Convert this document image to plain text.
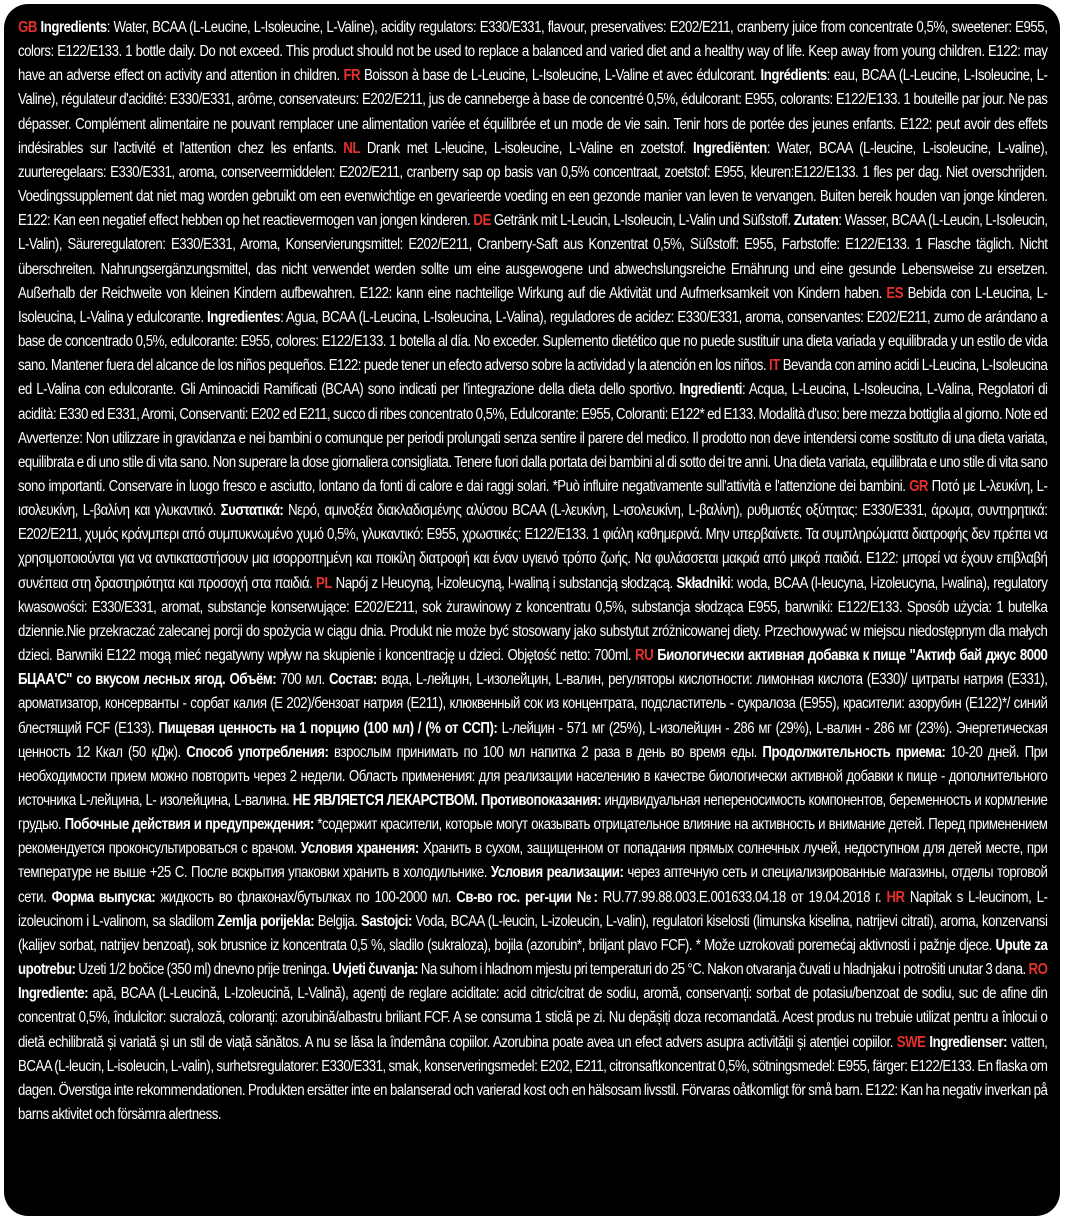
GB Ingredients: Water, BCAA (L-Leucine, L-Isoleucine, L-Valine), acidity regulators: E330/E331, flavour, preservatives: E202/E211, cranberry juice from concentrate 0,5%, sweetener: E955, colors: E122/E133. 1 bottle daily. Do not exceed. This product should not be used to replace a balanced and varied diet and a healthy way of life. Keep away from young children. E122: may have an adverse effect on activity and attention in children. FR Boisson à base de L-Leucine, L-Isoleucine, L-Valine et avec édulcorant. Ingrédients: eau, BCAA (L-Leucine, L-Isoleucine, L-Valine), régulateur d'acidité: E330/E331, arôme, conservateurs: E202/E211, jus de canneberge à base de concentré 0,5%, édulcorant: E955, colorants: E122/E133. 1 bouteille par jour. Ne pas dépasser. Complément alimentaire ne pouvant remplacer une alimentation variée et équilibrée et un mode de vie sain. Tenir hors de portée des jeunes enfants. E122: peut avoir des effets indésirables sur l'activité et l'attention chez les enfants. NL Drank met L-leucine, L-isoleucine, L-Valine en zoetstof. Ingrediënten: Water, BCAA (L-leucine, L-isoleucine, L-valine), zuurteregelaars: E330/E331, aroma, conserveermiddelen: E202/E211, cranberry sap op basis van 0,5% concentraat, zoetstof: E955, kleuren:E122/E133. 1 fles per dag. Niet overschrijden. Voedingssupplement dat niet mag worden gebruikt om een evenwichtige en gevarieerde voeding en een gezonde manier van leven te vervangen. Buiten bereik houden van jonge kinderen. E122: Kan een negatief effect hebben op het reactievermogen van jongen kinderen. DE Getränk mit L-Leucin, L-Isoleucin, L-Valin und Süßstoff. Zutaten: Wasser, BCAA (L-Leucin, L-Isoleucin, L-Valin), Säureregulatoren: E330/E331, Aroma, Konservierungsmittel: E202/E211, Cranberry-Saft aus Konzentrat 0,5%, Süßstoff: E955, Farbstoffe: E122/E133. 1 Flasche täglich. Nicht überschreiten. Nahrungsergänzungsmittel, das nicht verwendet werden sollte um eine ausgewogene und abwechslungsreiche Ernährung und eine gesunde Lebensweise zu ersetzen. Außerhalb der Reichweite von kleinen Kindern aufbewahren. E122: kann eine nachteilige Wirkung auf die Aktivität und Aufmerksamkeit von Kindern haben. ES Bebida con L-Leucina, L-Isoleucina, L-Valina y edulcorante. Ingredientes: Agua, BCAA (L-Leucina, L-Isoleucina, L-Valina), reguladores de acidez: E330/E331, aroma, conservantes: E202/E211, zumo de arándano a base de concentrado 0,5%, edulcorante: E955, colores: E122/E133. 1 botella al día. No exceder. Suplemento dietético que no puede sustituir una dieta variada y equilibrada y un estilo de vida sano. Mantener fuera del alcance de los niños pequeños. E122: puede tener un efecto adverso sobre la actividad y la atención en los niños. IT Bevanda con amino acidi L-Leucina, L-Isoleucina ed L-Valina con edulcorante. Gli Aminoacidi Ramificati (BCAA) sono indicati per l'integrazione della dieta dello sportivo. Ingredienti: Acqua, L-Leucina, L-Isoleucina, L-Valina, Regolatori di acidità: E330 ed E331, Aromi, Conservanti: E202 ed E211, succo di ribes concentrato 0,5%, Edulcorante: E955, Coloranti: E122* ed E133. Modalità d'uso: bere mezza bottiglia al giorno. Note ed Avvertenze: Non utilizzare in gravidanza e nei bambini o comunque per periodi prolungati senza sentire il parere del medico. Il prodotto non deve intendersi come sostituto di una dieta variata, equilibrata e di uno stile di vita sano. Non superare la dose giornaliera consigliata. Tenere fuori dalla portata dei bambini al di sotto dei tre anni. Una dieta variata, equilibrata e uno stile di vita sano sono importanti. Conservare in luogo fresco e asciutto, lontano da fonti di calore e dai raggi solari. *Può influire negativamente sull'attività e l'attenzione dei bambini. GR Ποτό με L-λευκίνη, L-ισολευκίνη, L-βαλίνη και γλυκαντικό. Συστατικά: Νερό, αμινοξέα διακλαδισμένης αλύσου BCAA (L-λευκίνη, L-ισολευκίνη, L-βαλίνη), ρυθμιστές οξύτητας: E330/E331, άρωμα, συντηρητικά: E202/E211, χυμός κράνμπερι από συμπυκνωμένο χυμό 0,5%, γλυκαντικό: E955, χρωστικές: E122/E133. 1 φιάλη καθημερινά. Μην υπερβαίνετε. Τα συμπληρώματα διατροφής δεν πρέπει να χρησιμοποιούνται για να αντικαταστήσουν μια ισορροπημένη και ποικίλη διατροφή και έναν υγιεινό τρόπο ζωής. Να φυλάσσεται μακριά από μικρά παιδιά. E122: μπορεί να έχουν επιβλαβή συνέπεια στη δραστηριότητα και προσοχή στα παιδιά. PL Napój z l-leucyną, l-izoleucyną, l-waliną i substancją słodzącą. Składniki: woda, BCAA (l-leucyna, l-izoleucyna, l-walina), regulatory kwasowości: E330/E331, aromat, substancje konserwujące: E202/E211, sok żurawinowy z koncentratu 0,5%, substancja słodząca E955, barwniki: E122/E133. Sposób użycia: 1 butelka dziennie.Nie przekraczać zalecanej porcji do spożycia w ciągu dnia. Produkt nie może być stosowany jako substytut zróżnicowanej diety. Przechowywać w miejscu niedostępnym dla małych dzieci. Barwniki E122 mogą mieć negatywny wpływ na skupienie i koncentrację u dzieci. Objętość netto: 700ml. RU Биологически активная добавка к пище "Актиф бай джус 8000 БЦАА'С" со вкусом лесных ягод. Объём: 700 мл. Состав: вода, L-лейцин, L-изолейцин, L-валин, регуляторы кислотности: лимонная кислота (E330)/ цитраты натрия (E331), ароматизатор, консерванты - сорбат калия (E 202)/бензоат натрия (E211), клюквенный сок из концентрата, подсластитель - сукралоза (E955), красители: азорубин (E122)*/ синий блестящий FCF (E133). Пищевая ценность на 1 порцию (100 мл) / (% от ССП): L-лейцин - 571 мг (25%), L-изолейцин - 286 мг (29%), L-валин - 286 мг (23%). Энергетическая ценность 12 Ккал (50 кДж). Способ употребления: взрослым принимать по 100 мл напитка 2 раза в день во время еды. Продолжительность приема: 10-20 дней. При необходимости прием можно повторить через 2 недели. Область применения: для реализации населению в качестве биологически активной добавки к пище - дополнительного источника L-лейцина, L- изолейцина, L-валина. НЕ ЯВЛЯЕТСЯ ЛЕКАРСТВОМ. Противопоказания: индивидуальная непереносимость компонентов, беременность и кормление грудью. Побочные действия и предупреждения: *содержит красители, которые могут оказывать отрицательное влияние на активность и внимание детей. Перед применением рекомендуется проконсультироваться с врачом. Условия хранения: Хранить в сухом, защищенном от попадания прямых солнечных лучей, недоступном для детей месте, при температуре не выше +25 С. После вскрытия упаковки хранить в холодильнике. Условия реализации: через аптечную сеть и специализированные магазины, отделы торговой сети. Форма выпуска: жидкость во флаконах/бутылках по 100-2000 мл. Св-во гос. рег-ции №: RU.77.99.88.003.E.001633.04.18 от 19.04.2018 г. HR Napitak s L-leucinom, L-izoleucinom i L-valinom, sa sladilom Zemlja porijekla: Belgija. Sastojci: Voda, BCAA (L-leucin, L-izoleucin, L-valin), regulatori kiselosti (limunska kiselina, natrijevi citrati), aroma, konzervansi (kalijev sorbat, natrijev benzoat), sok brusnice iz koncentrata 0,5 %, sladilo (sukraloza), bojila (azorubin*, briljant plavo FCF). * Može uzrokovati poremećaj aktivnosti i pažnje djece. Upute za upotrebu: Uzeti 1/2 bočice (350 ml) dnevno prije treninga. Uvjeti čuvanja: Na suhom i hladnom mjestu pri temperaturi do 25 °C. Nakon otvaranja čuvati u hladnjaku i potrošiti unutar 3 dana. RO Ingrediente: apă, BCAA (L-Leucină, L-Izoleucină, L-Valină), agenți de reglare aciditate: acid citric/citrat de sodiu, aromă, conservanți: sorbat de potasiu/benzoat de sodiu, suc de afine din concentrat 0,5%, îndulcitor: sucraloză, coloranți: azorubină/albastru briliant FCF. A se consuma 1 sticlă pe zi. Nu depășiți doza recomandată. Acest produs nu trebuie utilizat pentru a înlocui o dietă echilibrată și variată și un stil de viață sănătos. A nu se lăsa la îndemâna copiilor. Azorubina poate avea un efect advers asupra activității și atenției copiilor. SWE Ingredienser: vatten, BCAA (L-leucin, L-isoleucin, L-valin), surhetsregulatorer: E330/E331, smak, konserveringsmedel: E202, E211, citronsaftkoncentrat 0,5%, sötningsmedel: E955, färger: E122/E133. En flaska om dagen. Överstiga inte rekommendationen. Produkten ersätter inte en balanserad och varierad kost och en hälsosam livsstil. Förvaras oåtkomligt för små barn. E122: Kan ha negativ inverkan på barns aktivitet och försämra alertness.
